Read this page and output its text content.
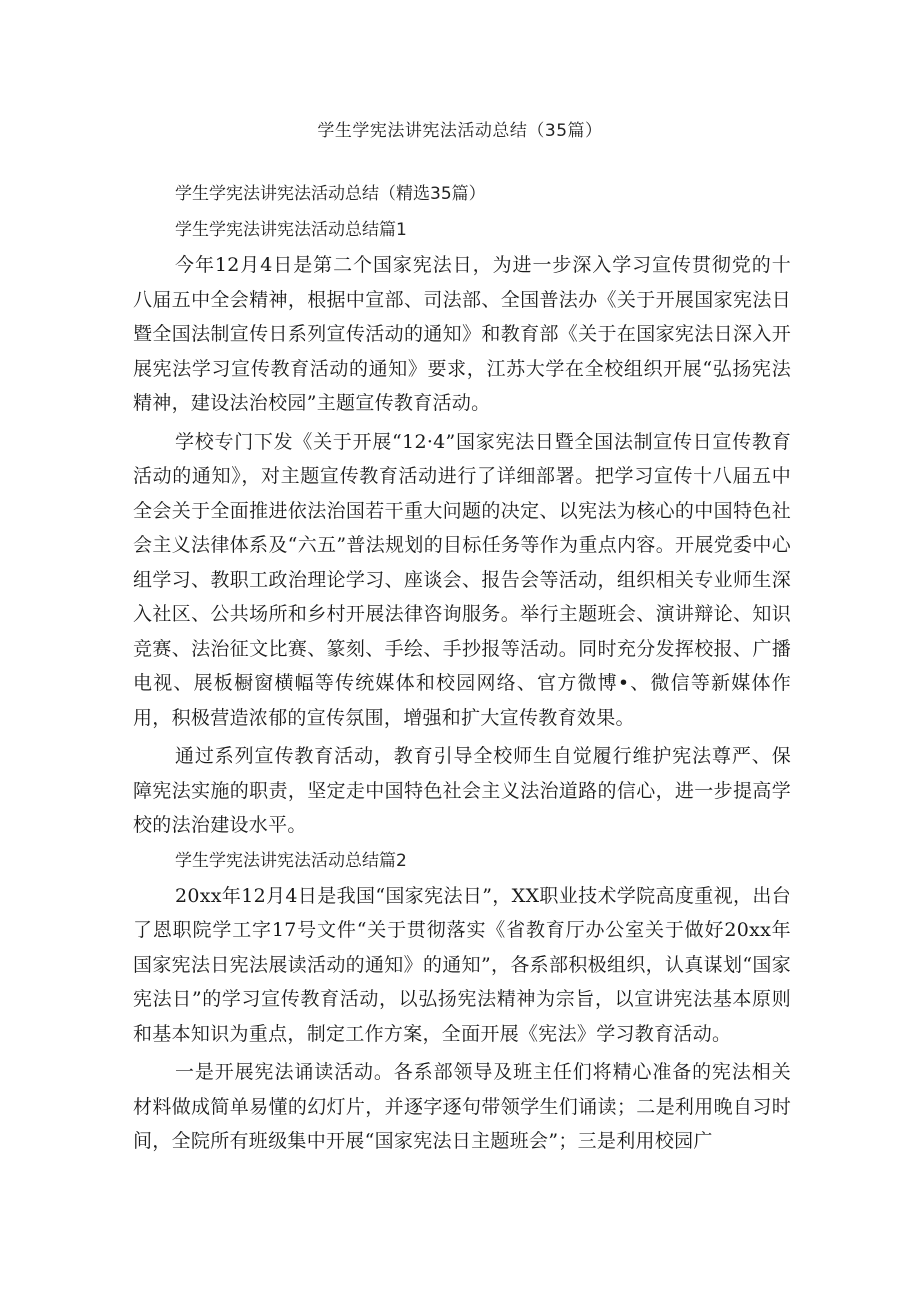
学生学宪法讲宪法活动总结（35篇）
学生学宪法讲宪法活动总结（精选35篇）
学生学宪法讲宪法活动总结篇1

今年12月4日是第二个国家宪法日，为进一步深入学习宣传贯彻党的十八届五中全会精神，根据中宣部、司法部、全国普法办《关于开展国家宪法日暨全国法制宣传日系列宣传活动的通知》和教育部《关于在国家宪法日深入开展宪法学习宣传教育活动的通知》要求，江苏大学在全校组织开展“弘扬宪法精神，建设法治校园”主题宣传教育活动。

学校专门下发《关于开展“12·4”国家宪法日暨全国法制宣传日宣传教育活动的通知》，对主题宣传教育活动进行了详细部署。把学习宣传十八届五中全会关于全面推进依法治国若干重大问题的决定、以宪法为核心的中国特色社会主义法律体系及“六五”普法规划的目标任务等作为重点内容。开展党委中心组学习、教职工政治理论学习、座谈会、报告会等活动，组织相关专业师生深入社区、公共场所和乡村开展法律咨询服务。举行主题班会、演讲辩论、知识竞赛、法治征文比赛、篆刻、手绘、手抄报等活动。同时充分发挥校报、广播电视、展板橱窗横幅等传统媒体和校园网络、官方微博•、微信等新媒体作用，积极营造浓郁的宣传氛围，增强和扩大宣传教育效果。

通过系列宣传教育活动，教育引导全校师生自觉履行维护宪法尊严、保障宪法实施的职责，坚定走中国特色社会主义法治道路的信心，进一步提高学校的法治建设水平。

学生学宪法讲宪法活动总结篇2

20xx年12月4日是我国“国家宪法日”，XX职业技术学院高度重视，出台了恩职院学工字17号文件“关于贯彻落实《省教育厅办公室关于做好20xx年国家宪法日宪法展读活动的通知》的通知”，各系部积极组织，认真谋划“国家宪法日”的学习宣传教育活动，以弘扬宪法精神为宗旨，以宣讲宪法基本原则和基本知识为重点，制定工作方案，全面开展《宪法》学习教育活动。

一是开展宪法诵读活动。各系部领导及班主任们将精心准备的宪法相关材料做成简单易懂的幻灯片，并逐字逐句带领学生们诵读；二是利用晚自习时间，全院所有班级集中开展“国家宪法日主题班会”；三是利用校园广
